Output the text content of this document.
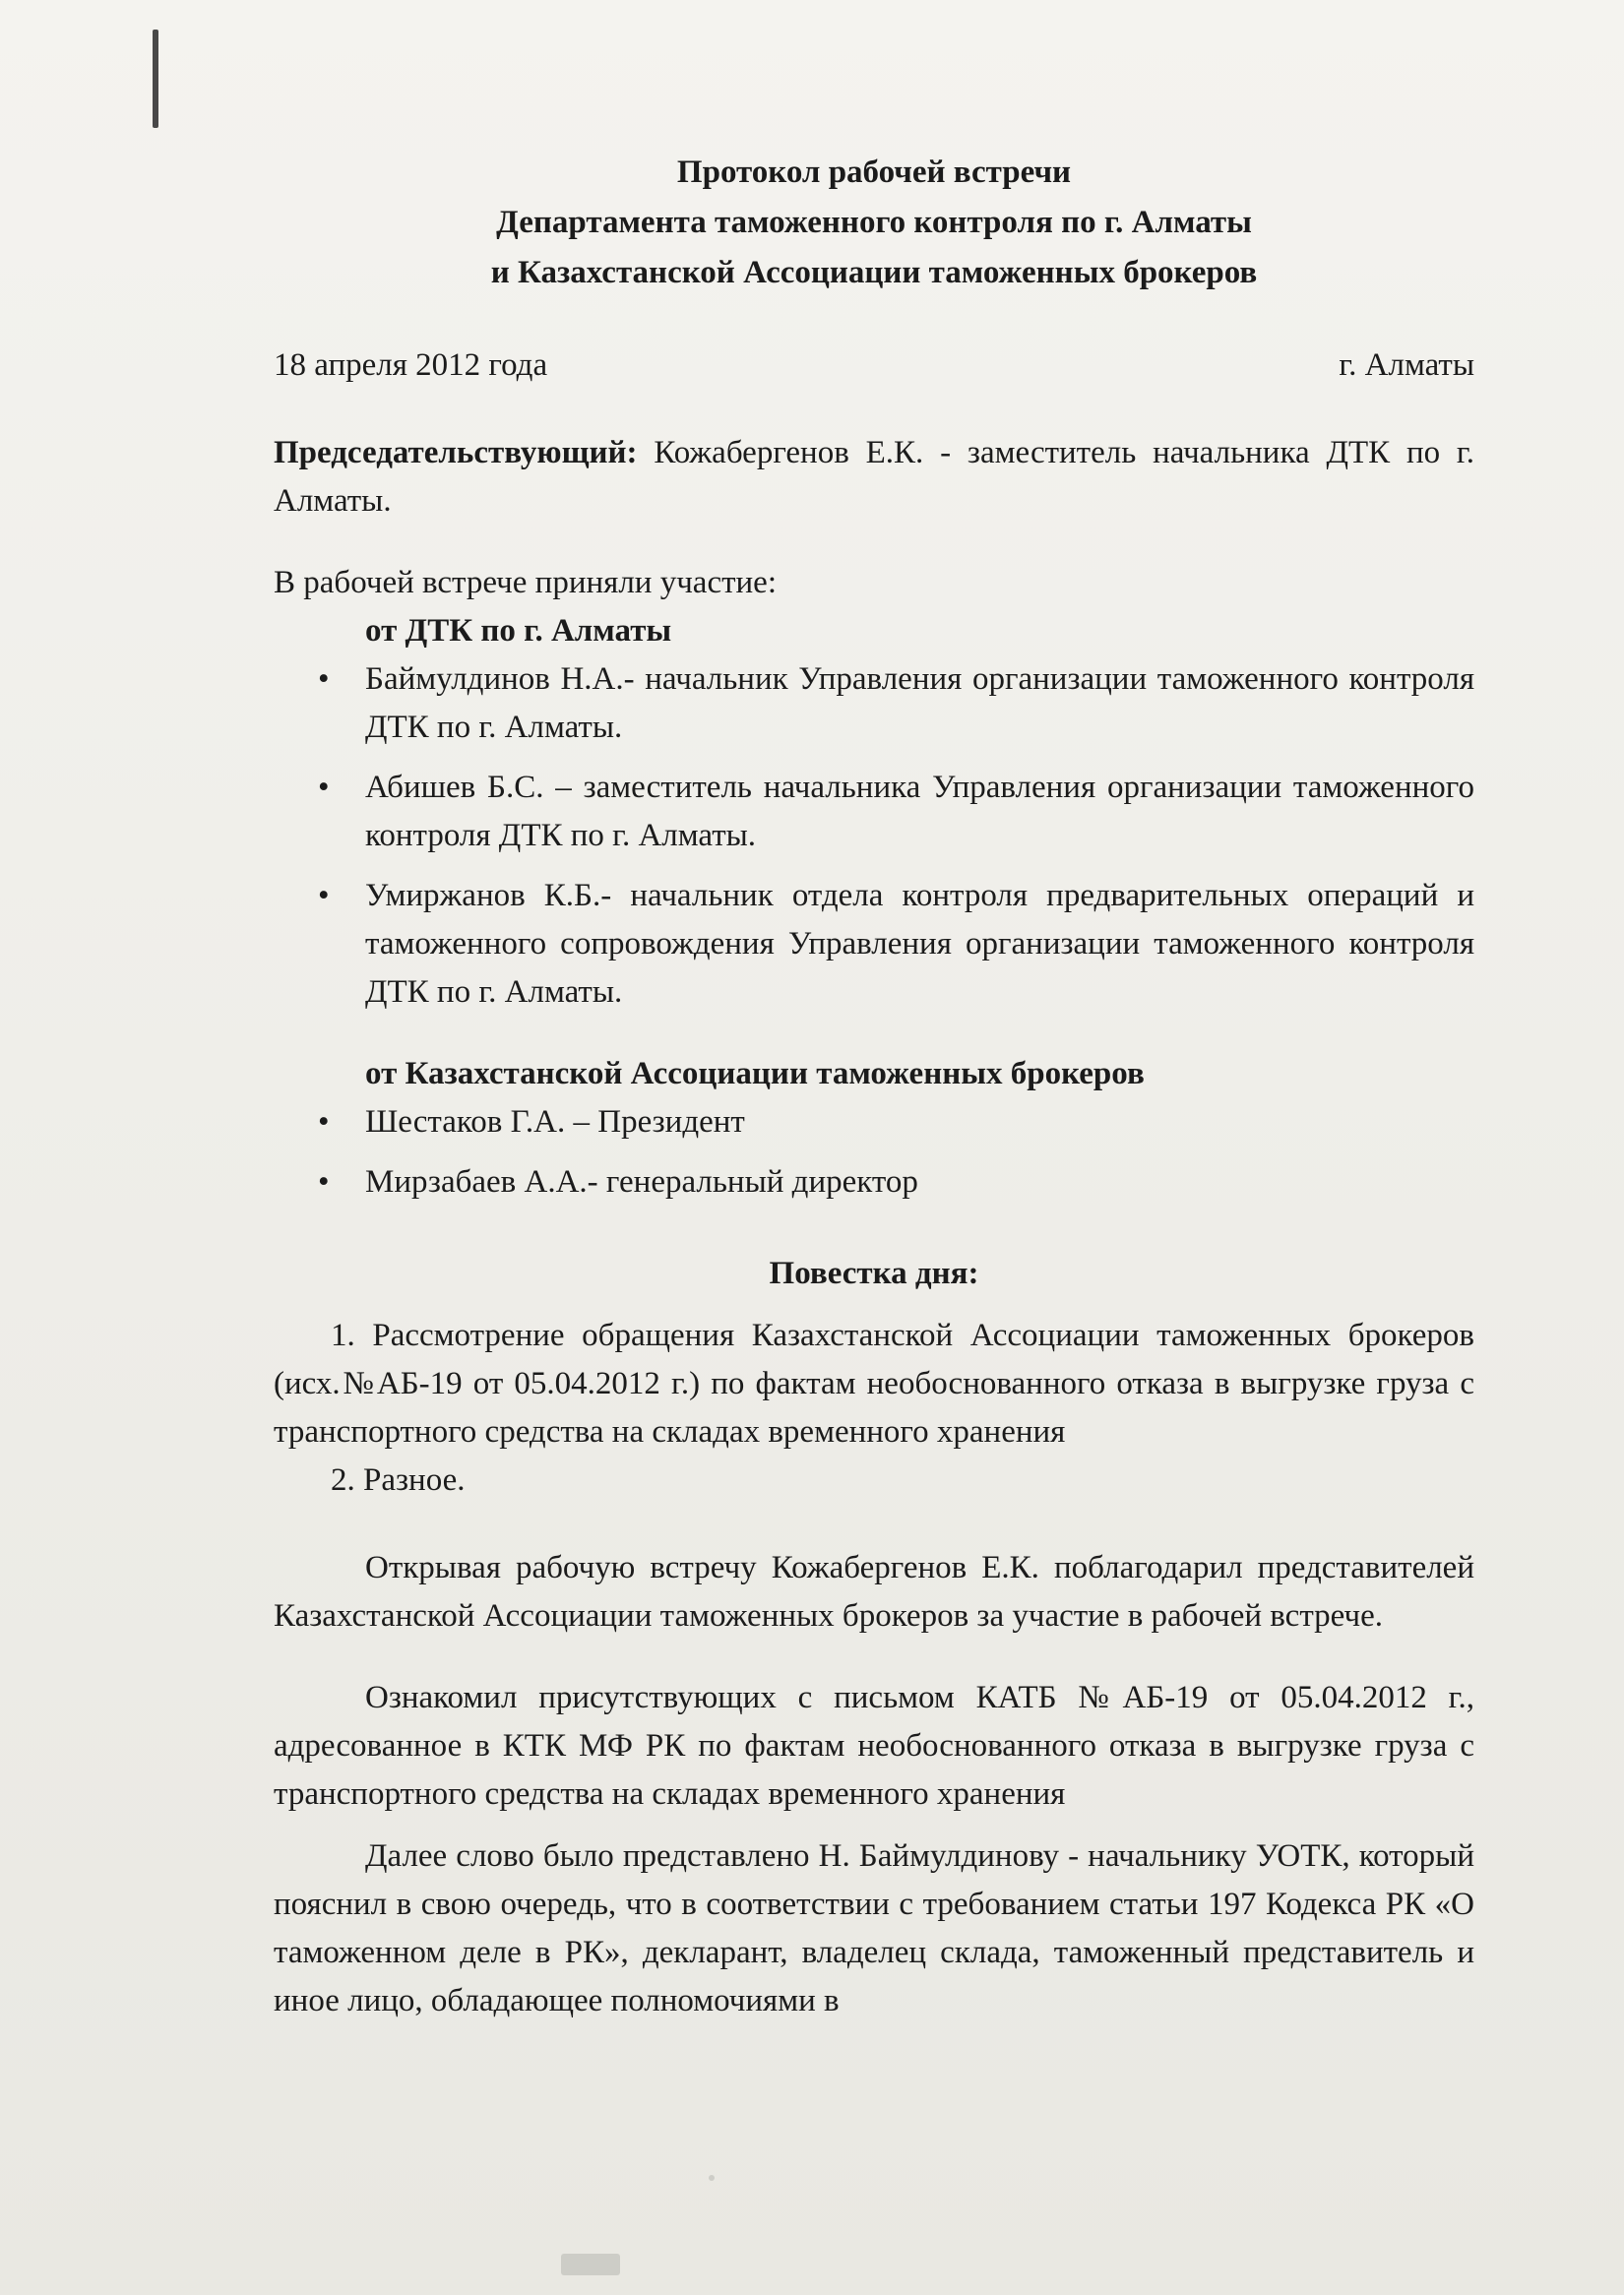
Протокол рабочей встречи
Департамента таможенного контроля по г. Алматы
и Казахстанской Ассоциации таможенных брокеров
18 апреля 2012 года	г. Алматы

Председательствующий: Кожабергенов Е.К. - заместитель начальника ДТК по г. Алматы.

В рабочей встрече приняли участие:

от ДТК по г. Алматы
• Баймулдинов Н.А.- начальник Управления организации таможенного контроля ДТК по г. Алматы.
• Абишев Б.С. – заместитель начальника Управления организации таможенного контроля ДТК по г. Алматы.
• Умиржанов К.Б.- начальник отдела контроля предварительных операций и таможенного сопровождения Управления организации таможенного контроля ДТК по г. Алматы.
от Казахстанской Ассоциации таможенных брокеров
• Шестаков Г.А. – Президент
• Мирзабаев А.А.- генеральный директор
Повестка дня:
1. Рассмотрение обращения Казахстанской Ассоциации таможенных брокеров (исх.№АБ-19 от 05.04.2012 г.) по фактам необоснованного отказа в выгрузке груза с транспортного средства на складах временного хранения
2. Разное.

Открывая рабочую встречу Кожабергенов Е.К. поблагодарил представителей Казахстанской Ассоциации таможенных брокеров за участие в рабочей встрече.

Ознакомил присутствующих с письмом КАТБ №АБ-19 от 05.04.2012 г., адресованное в КТК МФ РК по фактам необоснованного отказа в выгрузке груза с транспортного средства на складах временного хранения

Далее слово было представлено Н. Баймулдинову - начальнику УОТК, который пояснил в свою очередь, что в соответствии с требованием статьи 197 Кодекса РК «О таможенном деле в РК», декларант, владелец склада, таможенный представитель и иное лицо, обладающее полномочиями в
